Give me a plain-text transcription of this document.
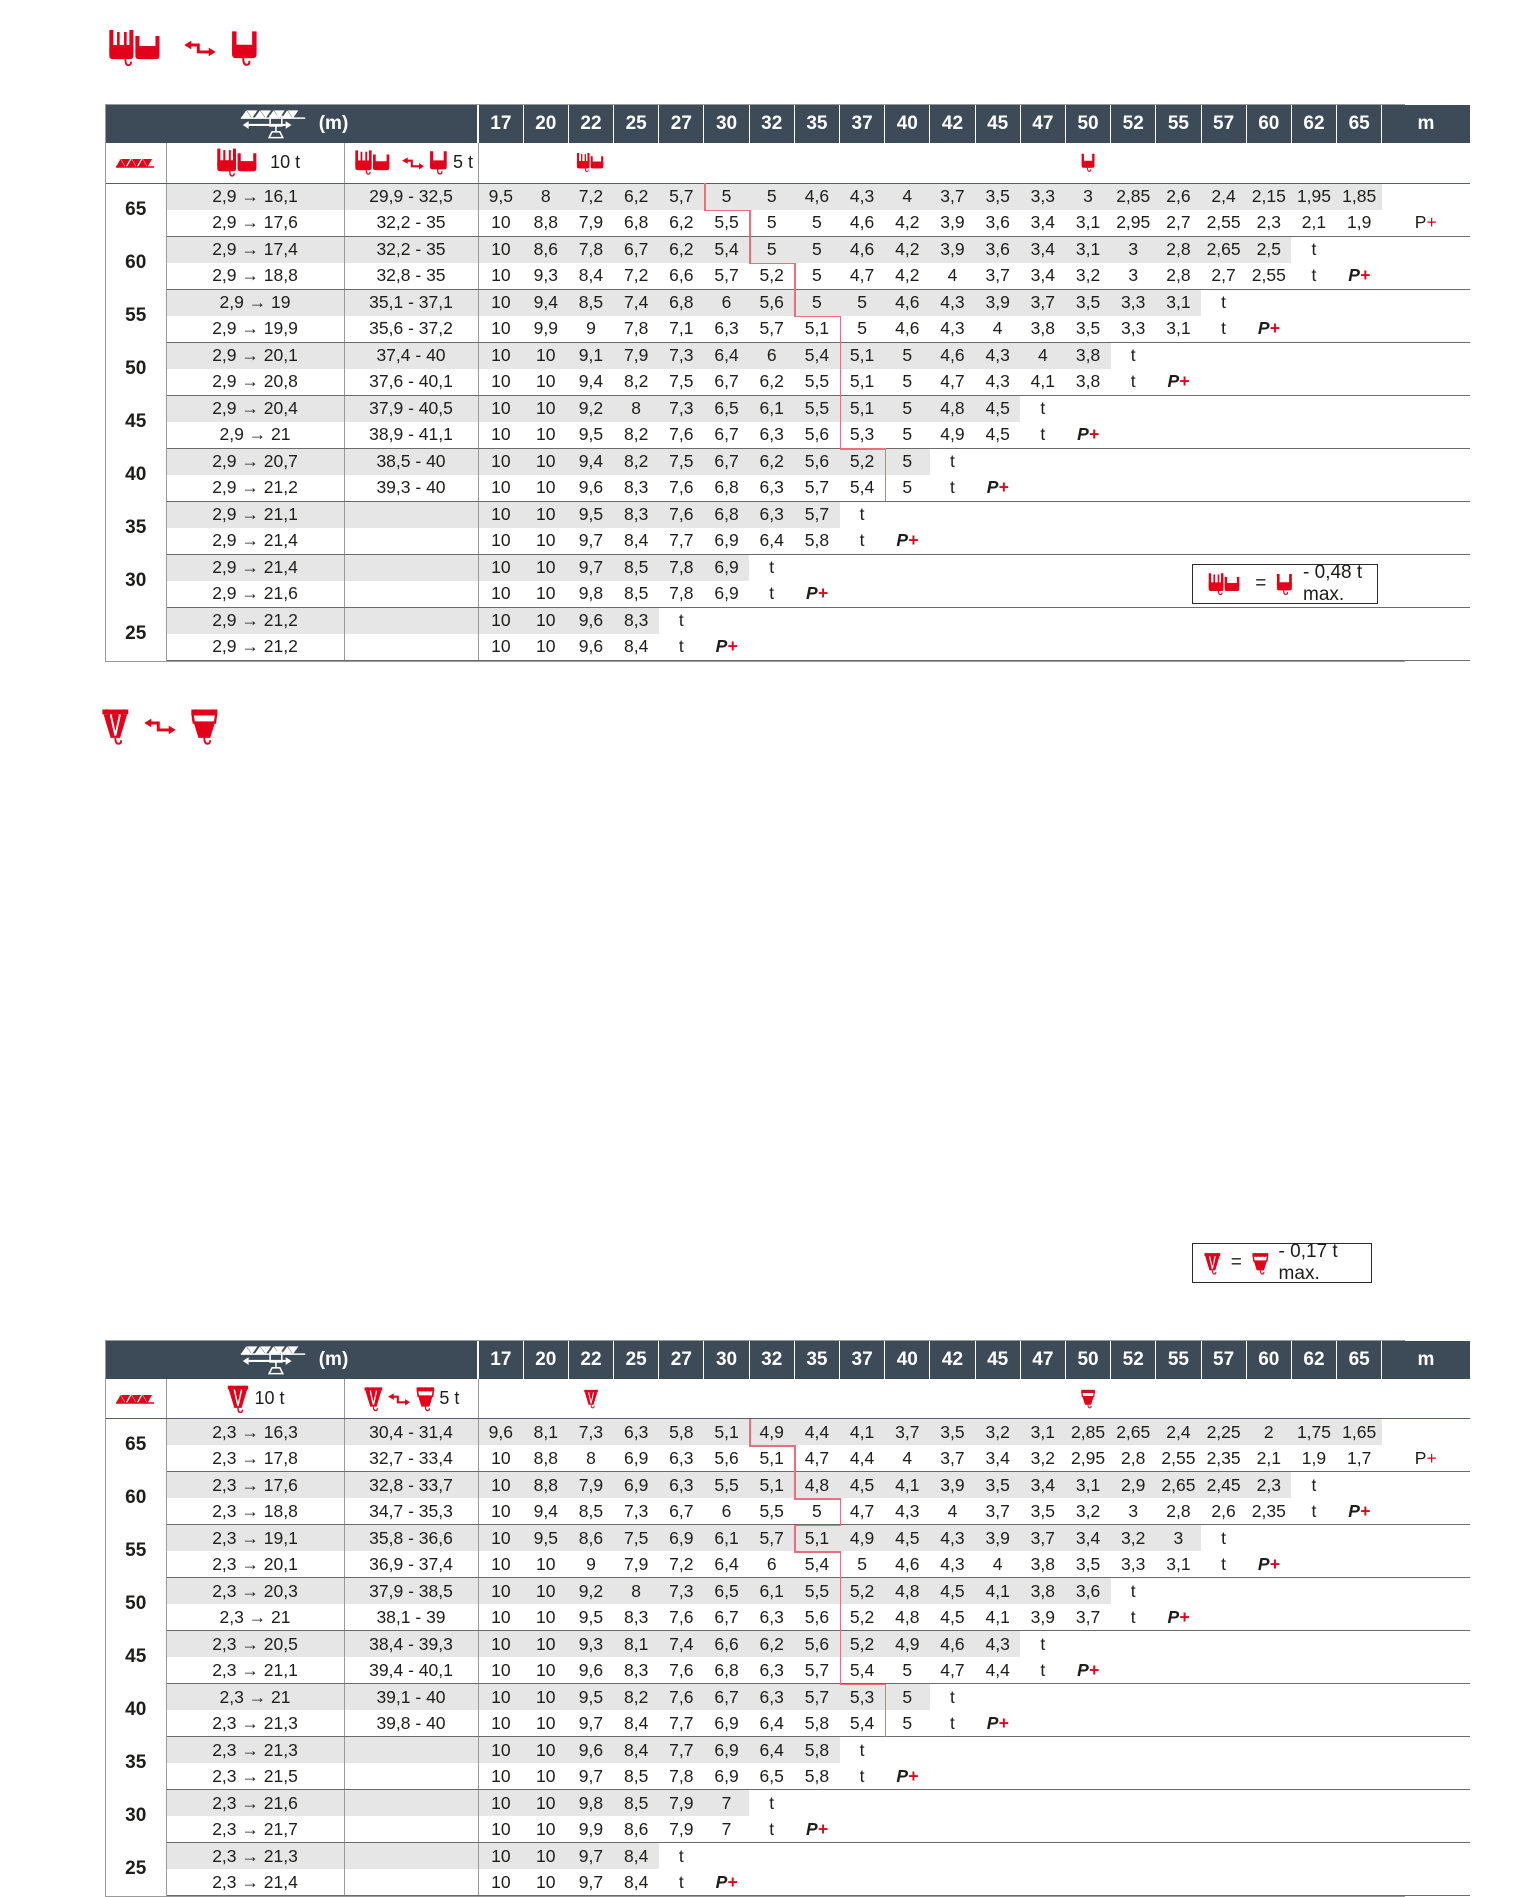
(m)			17	20	22	25	27	30	32	35	37	40	42	45	47	50	52	55	57	60	62	65	m
	10 t	5 t																					
65	2,9 → 16,1	29,9 - 32,5	9,5	8	7,2	6,2	5,7	5	5	4,6	4,3	4	3,7	3,5	3,3	3	2,85	2,6	2,4	2,15	1,95	1,85	
	2,9 → 17,6	32,2 - 35	10	8,8	7,9	6,8	6,2	5,5	5	5	4,6	4,2	3,9	3,6	3,4	3,1	2,95	2,7	2,55	2,3	2,1	1,9	P+
60	2,9 → 17,4	32,2 - 35	10	8,6	7,8	6,7	6,2	5,4	5	5	4,6	4,2	3,9	3,6	3,4	3,1	3	2,8	2,65	2,5	t		
	2,9 → 18,8	32,8 - 35	10	9,3	8,4	7,2	6,6	5,7	5,2	5	4,7	4,2	4	3,7	3,4	3,2	3	2,8	2,7	2,55	t	P+	
55	2,9 → 19	35,1 - 37,1	10	9,4	8,5	7,4	6,8	6	5,6	5	5	4,6	4,3	3,9	3,7	3,5	3,3	3,1	t				
	2,9 → 19,9	35,6 - 37,2	10	9,9	9	7,8	7,1	6,3	5,7	5,1	5	4,6	4,3	4	3,8	3,5	3,3	3,1	t	P+			
50	2,9 → 20,1	37,4 - 40	10	10	9,1	7,9	7,3	6,4	6	5,4	5,1	5	4,6	4,3	4	3,8	t						
	2,9 → 20,8	37,6 - 40,1	10	10	9,4	8,2	7,5	6,7	6,2	5,5	5,1	5	4,7	4,3	4,1	3,8	t	P+					
45	2,9 → 20,4	37,9 - 40,5	10	10	9,2	8	7,3	6,5	6,1	5,5	5,1	5	4,8	4,5	t								
	2,9 → 21	38,9 - 41,1	10	10	9,5	8,2	7,6	6,7	6,3	5,6	5,3	5	4,9	4,5	t	P+							
40	2,9 → 20,7	38,5 - 40	10	10	9,4	8,2	7,5	6,7	6,2	5,6	5,2	5	t										
	2,9 → 21,2	39,3 - 40	10	10	9,6	8,3	7,6	6,8	6,3	5,7	5,4	5	t	P+									
35	2,9 → 21,1		10	10	9,5	8,3	7,6	6,8	6,3	5,7	t												
	2,9 → 21,4		10	10	9,7	8,4	7,7	6,9	6,4	5,8	t	P+											
30	2,9 → 21,4		10	10	9,7	8,5	7,8	6,9	t														
	2,9 → 21,6		10	10	9,8	8,5	7,8	6,9	t	P+													
25	2,9 → 21,2		10	10	9,6	8,3	t																
	2,9 → 21,2		10	10	9,6	8,4	t	P+															
=
- 0,48 t max.
(m)			17	20	22	25	27	30	32	35	37	40	42	45	47	50	52	55	57	60	62	65	m
	10 t	5 t																					
65	2,3 → 16,3	30,4 - 31,4	9,6	8,1	7,3	6,3	5,8	5,1	4,9	4,4	4,1	3,7	3,5	3,2	3,1	2,85	2,65	2,4	2,25	2	1,75	1,65	
	2,3 → 17,8	32,7 - 33,4	10	8,8	8	6,9	6,3	5,6	5,1	4,7	4,4	4	3,7	3,4	3,2	2,95	2,8	2,55	2,35	2,1	1,9	1,7	P+
60	2,3 → 17,6	32,8 - 33,7	10	8,8	7,9	6,9	6,3	5,5	5,1	4,8	4,5	4,1	3,9	3,5	3,4	3,1	2,9	2,65	2,45	2,3	t		
	2,3 → 18,8	34,7 - 35,3	10	9,4	8,5	7,3	6,7	6	5,5	5	4,7	4,3	4	3,7	3,5	3,2	3	2,8	2,6	2,35	t	P+	
55	2,3 → 19,1	35,8 - 36,6	10	9,5	8,6	7,5	6,9	6,1	5,7	5,1	4,9	4,5	4,3	3,9	3,7	3,4	3,2	3	t				
	2,3 → 20,1	36,9 - 37,4	10	10	9	7,9	7,2	6,4	6	5,4	5	4,6	4,3	4	3,8	3,5	3,3	3,1	t	P+			
50	2,3 → 20,3	37,9 - 38,5	10	10	9,2	8	7,3	6,5	6,1	5,5	5,2	4,8	4,5	4,1	3,8	3,6	t						
	2,3 → 21	38,1 - 39	10	10	9,5	8,3	7,6	6,7	6,3	5,6	5,2	4,8	4,5	4,1	3,9	3,7	t	P+					
45	2,3 → 20,5	38,4 - 39,3	10	10	9,3	8,1	7,4	6,6	6,2	5,6	5,2	4,9	4,6	4,3	t								
	2,3 → 21,1	39,4 - 40,1	10	10	9,6	8,3	7,6	6,8	6,3	5,7	5,4	5	4,7	4,4	t	P+							
40	2,3 → 21	39,1 - 40	10	10	9,5	8,2	7,6	6,7	6,3	5,7	5,3	5	t										
	2,3 → 21,3	39,8 - 40	10	10	9,7	8,4	7,7	6,9	6,4	5,8	5,4	5	t	P+									
35	2,3 → 21,3		10	10	9,6	8,4	7,7	6,9	6,4	5,8	t												
	2,3 → 21,5		10	10	9,7	8,5	7,8	6,9	6,5	5,8	t	P+											
30	2,3 → 21,6		10	10	9,8	8,5	7,9	7	t														
	2,3 → 21,7		10	10	9,9	8,6	7,9	7	t	P+													
25	2,3 → 21,3		10	10	9,7	8,4	t																
	2,3 → 21,4		10	10	9,7	8,4	t	P+															
=
- 0,17 t max.
